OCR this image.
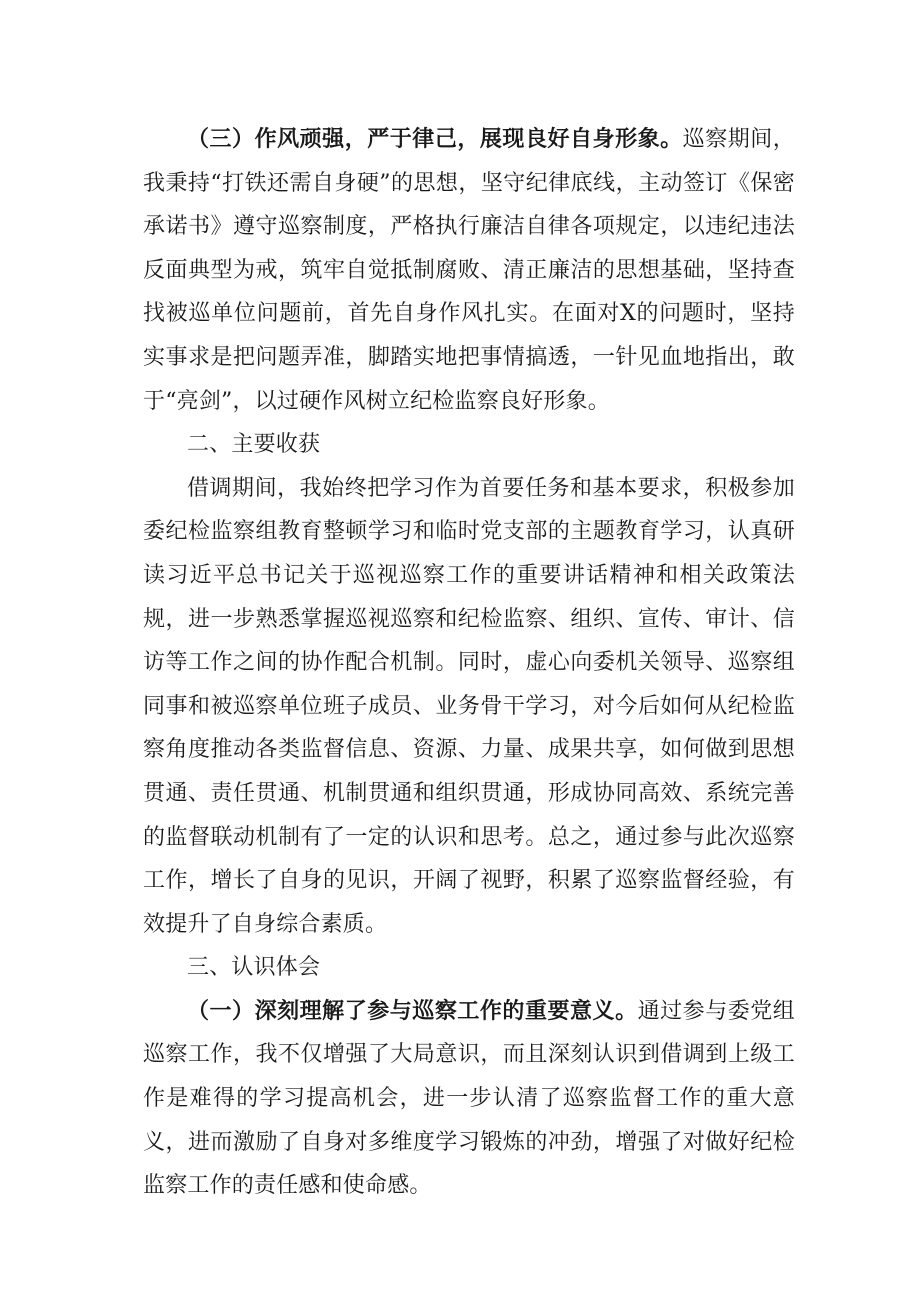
（三）作风顽强，严于律己，展现良好自身形象。巡察期间，我秉持“打铁还需自身硬”的思想，坚守纪律底线，主动签订《保密承诺书》遵守巡察制度，严格执行廉洁自律各项规定，以违纪违法反面典型为戒，筑牢自觉抵制腐败、清正廉洁的思想基础，坚持查找被巡单位问题前，首先自身作风扎实。在面对X的问题时，坚持实事求是把问题弄准，脚踏实地把事情搞透，一针见血地指出，敢于“亮剑”，以过硬作风树立纪检监察良好形象。

二、主要收获

借调期间，我始终把学习作为首要任务和基本要求，积极参加委纪检监察组教育整顿学习和临时党支部的主题教育学习，认真研读习近平总书记关于巡视巡察工作的重要讲话精神和相关政策法规，进一步熟悉掌握巡视巡察和纪检监察、组织、宣传、审计、信访等工作之间的协作配合机制。同时，虚心向委机关领导、巡察组同事和被巡察单位班子成员、业务骨干学习，对今后如何从纪检监察角度推动各类监督信息、资源、力量、成果共享，如何做到思想贯通、责任贯通、机制贯通和组织贯通，形成协同高效、系统完善的监督联动机制有了一定的认识和思考。总之，通过参与此次巡察工作，增长了自身的见识，开阔了视野，积累了巡察监督经验，有效提升了自身综合素质。

三、认识体会

（一）深刻理解了参与巡察工作的重要意义。通过参与委党组巡察工作，我不仅增强了大局意识，而且深刻认识到借调到上级工作是难得的学习提高机会，进一步认清了巡察监督工作的重大意义，进而激励了自身对多维度学习锻炼的冲劲，增强了对做好纪检监察工作的责任感和使命感。
